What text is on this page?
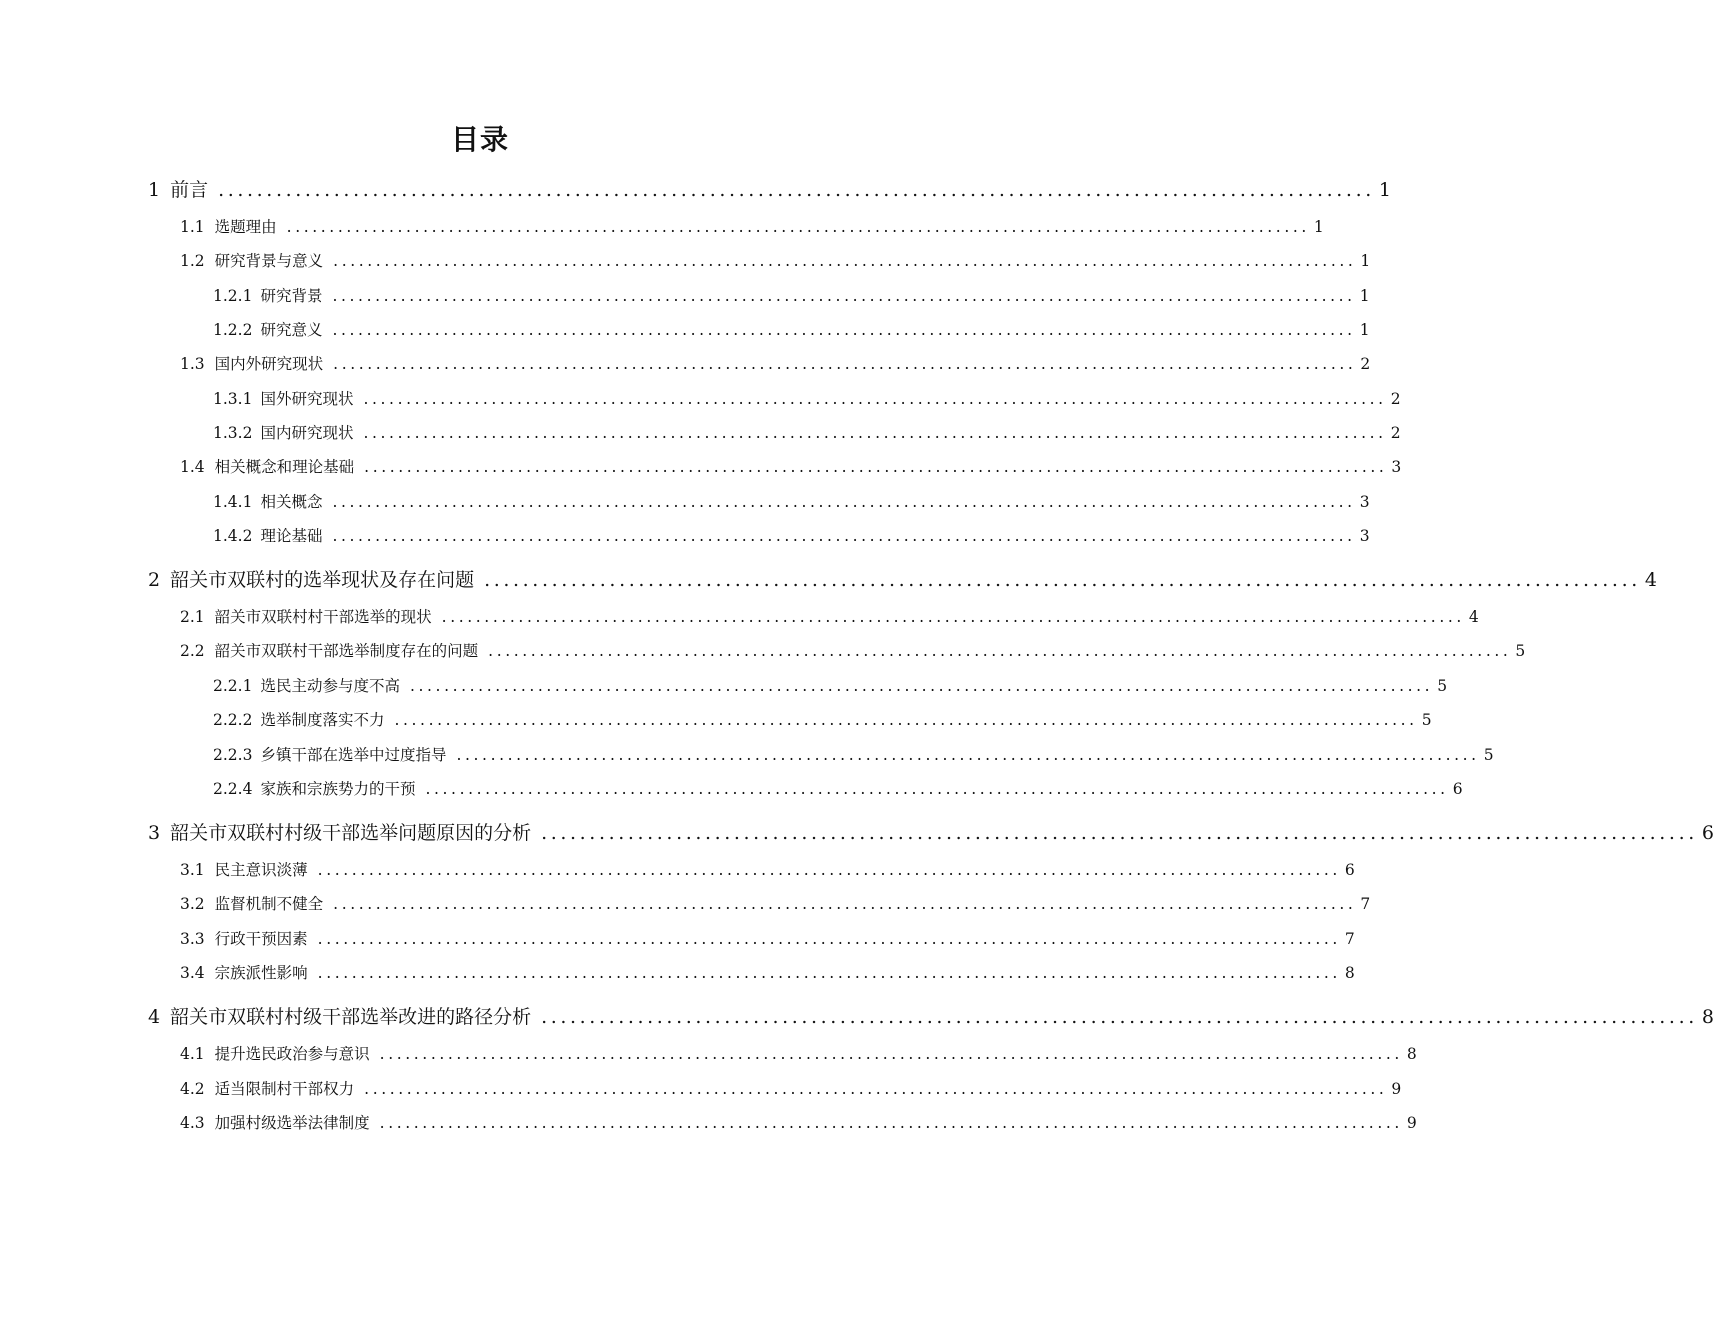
目录
1 前言 ........................................................................................................................ 1
1.1 选题理由 ........................................................................................................................ 1
1.2 研究背景与意义 ........................................................................................................................ 1
1.2.1 研究背景 ........................................................................................................................ 1
1.2.2 研究意义 ........................................................................................................................ 1
1.3 国内外研究现状 ........................................................................................................................ 2
1.3.1 国外研究现状 ........................................................................................................................ 2
1.3.2 国内研究现状 ........................................................................................................................ 2
1.4 相关概念和理论基础 ........................................................................................................................ 3
1.4.1 相关概念 ........................................................................................................................ 3
1.4.2 理论基础 ........................................................................................................................ 3
2 韶关市双联村的选举现状及存在问题 ........................................................................................................................ 4
2.1 韶关市双联村村干部选举的现状 ........................................................................................................................ 4
2.2 韶关市双联村干部选举制度存在的问题 ........................................................................................................................ 5
2.2.1 选民主动参与度不高 ........................................................................................................................ 5
2.2.2 选举制度落实不力 ........................................................................................................................ 5
2.2.3 乡镇干部在选举中过度指导 ........................................................................................................................ 5
2.2.4 家族和宗族势力的干预 ........................................................................................................................ 6
3 韶关市双联村村级干部选举问题原因的分析 ........................................................................................................................ 6
3.1 民主意识淡薄 ........................................................................................................................ 6
3.2 监督机制不健全 ........................................................................................................................ 7
3.3 行政干预因素 ........................................................................................................................ 7
3.4 宗族派性影响 ........................................................................................................................ 8
4 韶关市双联村村级干部选举改进的路径分析 ........................................................................................................................ 8
4.1 提升选民政治参与意识 ........................................................................................................................ 8
4.2 适当限制村干部权力 ........................................................................................................................ 9
4.3 加强村级选举法律制度 ........................................................................................................................ 9
